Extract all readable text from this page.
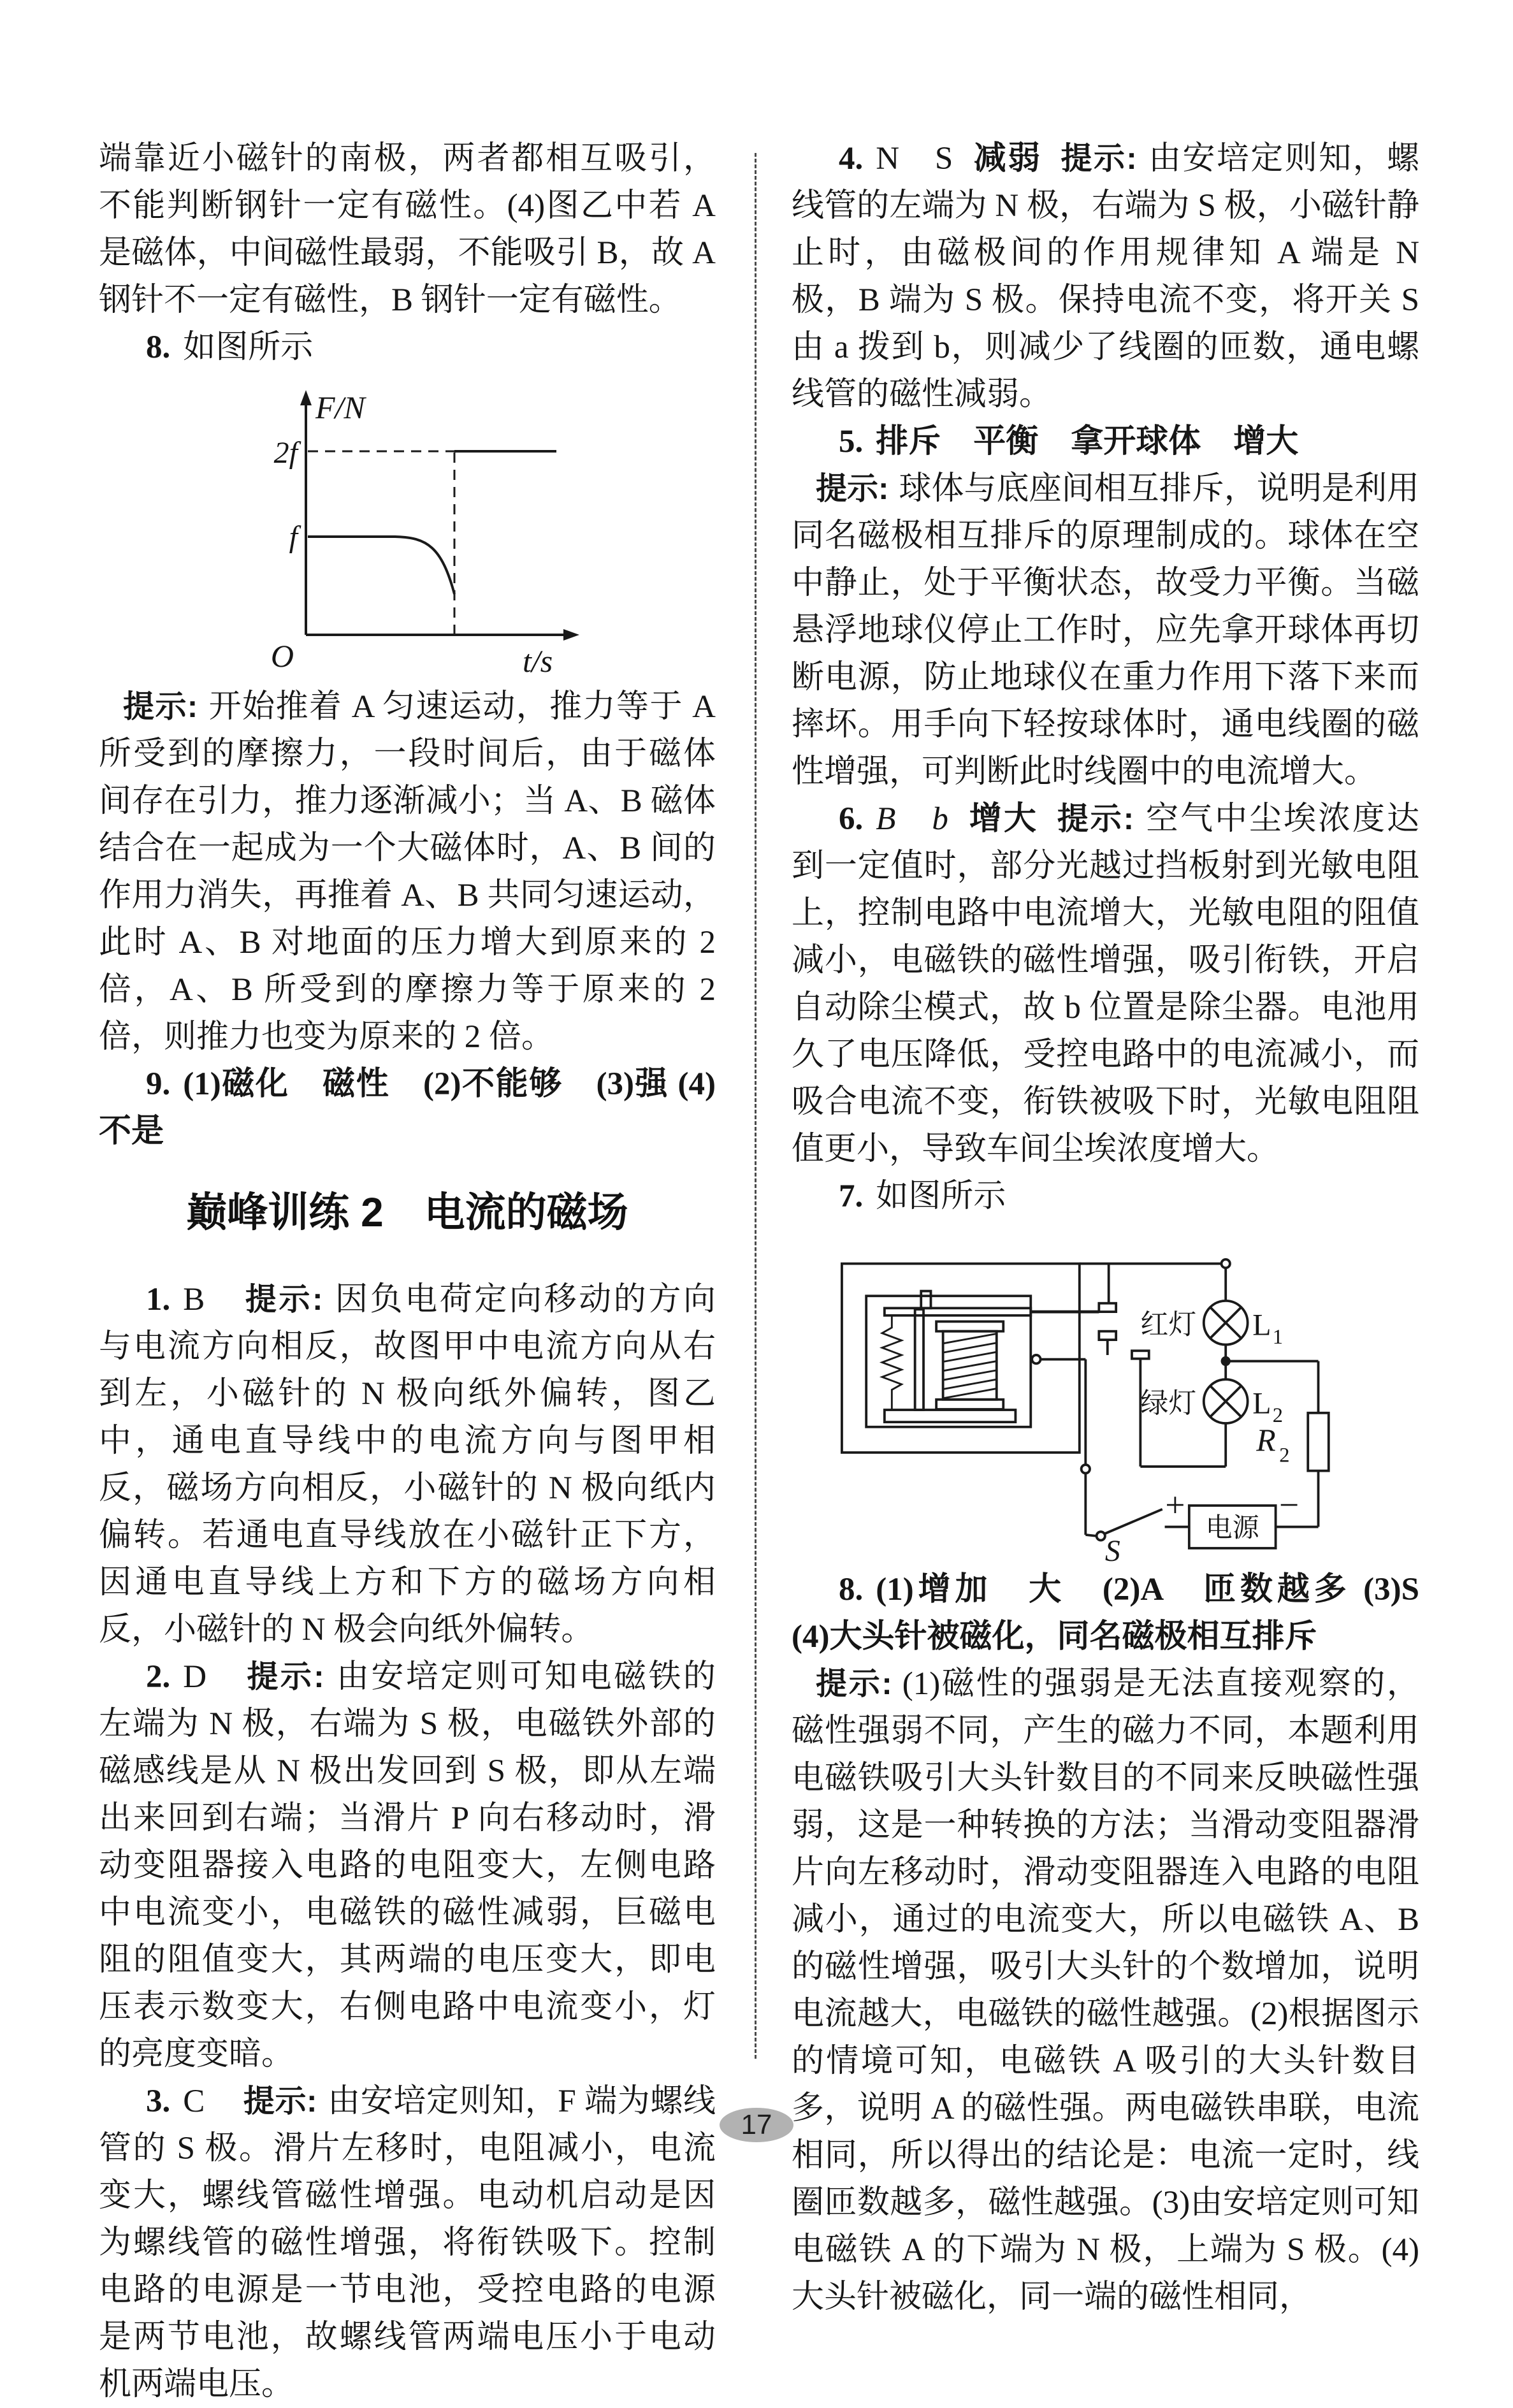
端靠近小磁针的南极，两者都相互吸引，不能判断钢针一定有磁性。(4)图乙中若 A 是磁体，中间磁性最弱，不能吸引 B，故 A 钢针不一定有磁性，B 钢针一定有磁性。

8. 如图所示

F/N
2f
f
O	t/s

提示: 开始推着 A 匀速运动，推力等于 A 所受到的摩擦力，一段时间后，由于磁体间存在引力，推力逐渐减小；当 A、B 磁体结合在一起成为一个大磁体时，A、B 间的作用力消失，再推着 A、B 共同匀速运动，此时 A、B 对地面的压力增大到原来的 2 倍，A、B 所受到的摩擦力等于原来的 2 倍，则推力也变为原来的 2 倍。

9. (1)磁化　磁性　(2)不能够　(3)强 (4)不是

巅峰训练 2　电流的磁场

1. B 提示: 因负电荷定向移动的方向与电流方向相反，故图甲中电流方向从右到左，小磁针的 N 极向纸外偏转，图乙中，通电直导线中的电流方向与图甲相反，磁场方向相反，小磁针的 N 极向纸内偏转。若通电直导线放在小磁针正下方，因通电直导线上方和下方的磁场方向相反，小磁针的 N 极会向纸外偏转。

2. D 提示: 由安培定则可知电磁铁的左端为 N 极，右端为 S 极，电磁铁外部的磁感线是从 N 极出发回到 S 极，即从左端出来回到右端；当滑片 P 向右移动时，滑动变阻器接入电路的电阻变大，左侧电路中电流变小，电磁铁的磁性减弱，巨磁电阻的阻值变大，其两端的电压变大，即电压表示数变大，右侧电路中电流变小，灯的亮度变暗。

3. C 提示: 由安培定则知，F 端为螺线管的 S 极。滑片左移时，电阻减小，电流变大，螺线管磁性增强。电动机启动是因为螺线管的磁性增强，将衔铁吸下。控制电路的电源是一节电池，受控电路的电源是两节电池，故螺线管两端电压小于电动机两端电压。

4. N　S 减弱 提示: 由安培定则知，螺线管的左端为 N 极，右端为 S 极，小磁针静止时，由磁极间的作用规律知 A 端是 N 极，B 端为 S 极。保持电流不变，将开关 S 由 a 拨到 b，则减少了线圈的匝数，通电螺线管的磁性减弱。

5. 排斥　平衡　拿开球体　增大

提示: 球体与底座间相互排斥，说明是利用同名磁极相互排斥的原理制成的。球体在空中静止，处于平衡状态，故受力平衡。当磁悬浮地球仪停止工作时，应先拿开球体再切断电源，防止地球仪在重力作用下落下来而摔坏。用手向下轻按球体时，通电线圈的磁性增强，可判断此时线圈中的电流增大。

6. B　b 增大 提示: 空气中尘埃浓度达到一定值时，部分光越过挡板射到光敏电阻上，控制电路中电流增大，光敏电阻的阻值减小，电磁铁的磁性增强，吸引衔铁，开启自动除尘模式，故 b 位置是除尘器。电池用久了电压降低，受控电路中的电流减小，而吸合电流不变，衔铁被吸下时，光敏电阻阻值更小，导致车间尘埃浓度增大。

7. 如图所示

红灯 L 1
绿灯 L 2
R 2
+	−
电源
S

8. (1)增加　大　(2)A　匝数越多 (3)S　(4)大头针被磁化，同名磁极相互排斥

提示: (1)磁性的强弱是无法直接观察的，磁性强弱不同，产生的磁力不同，本题利用电磁铁吸引大头针数目的不同来反映磁性强弱，这是一种转换的方法；当滑动变阻器滑片向左移动时，滑动变阻器连入电路的电阻减小，通过的电流变大，所以电磁铁 A、B 的磁性增强，吸引大头针的个数增加，说明电流越大，电磁铁的磁性越强。(2)根据图示的情境可知，电磁铁 A 吸引的大头针数目多，说明 A 的磁性强。两电磁铁串联，电流相同，所以得出的结论是：电流一定时，线圈匝数越多，磁性越强。(3)由安培定则可知电磁铁 A 的下端为 N 极，上端为 S 极。(4)大头针被磁化，同一端的磁性相同，

17
